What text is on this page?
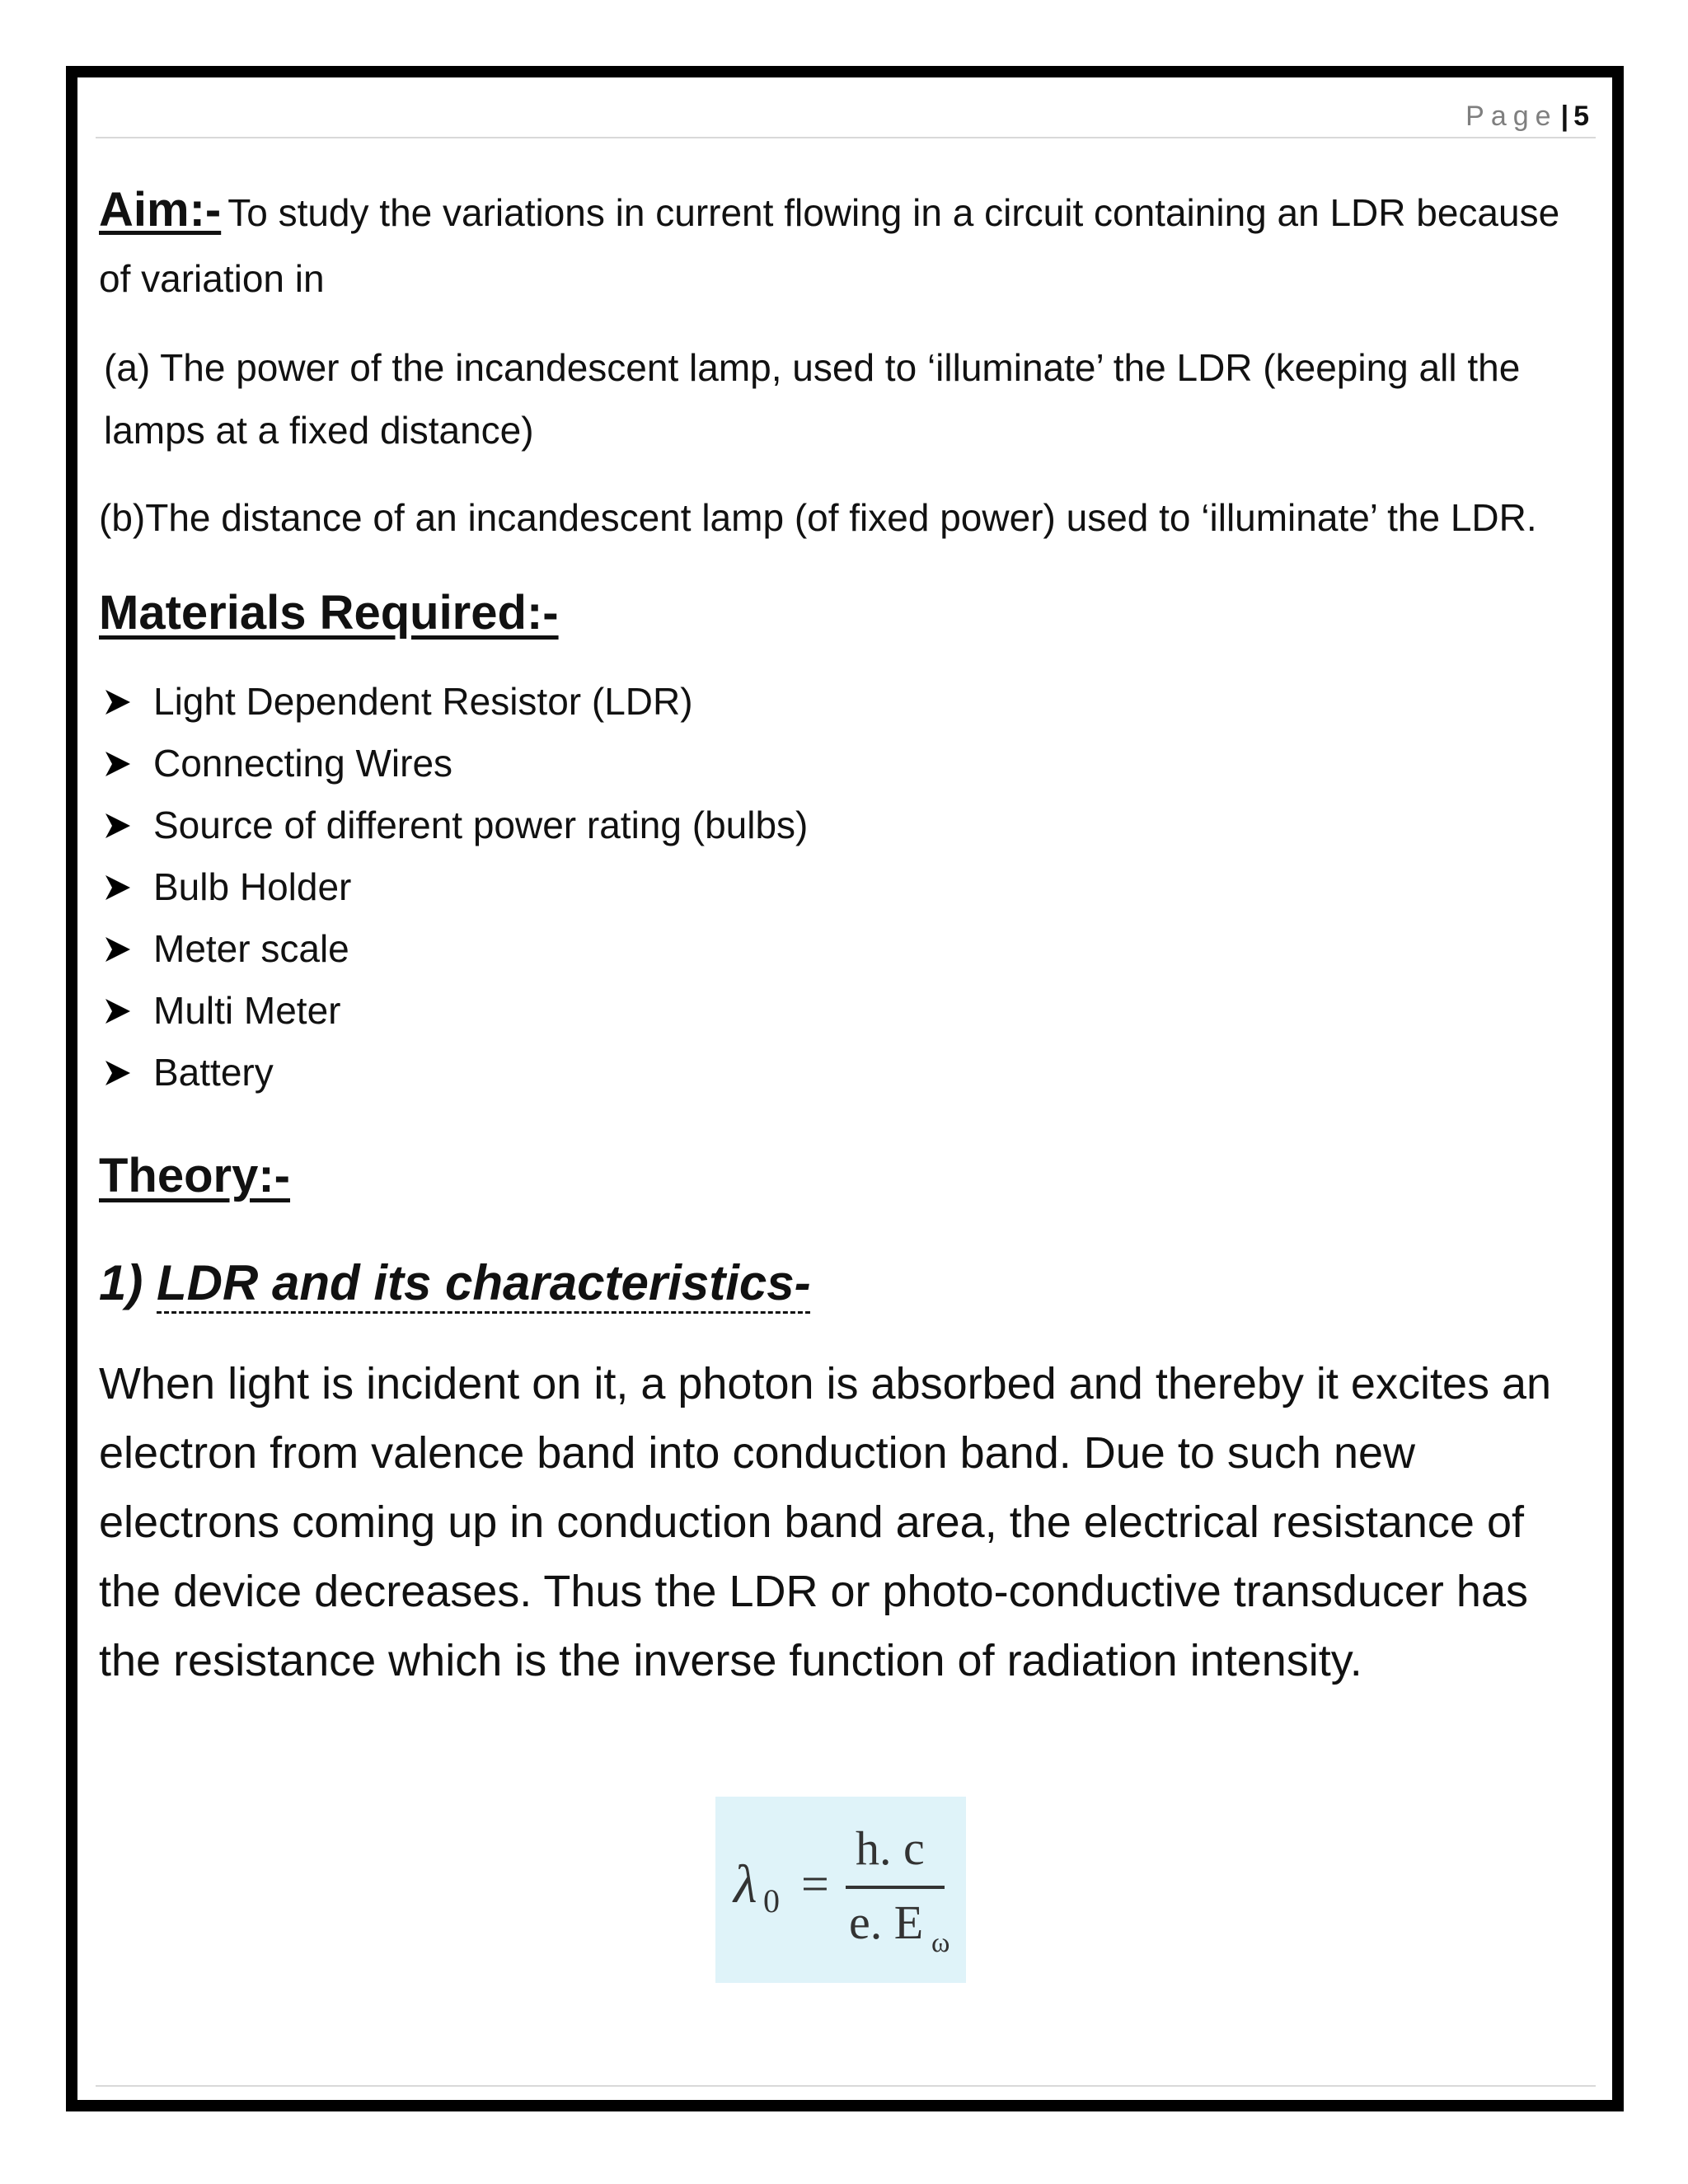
Page | 5

Aim:- To study the variations in current flowing in a circuit containing an LDR because of variation in

(a) The power of the incandescent lamp, used to ‘illuminate’ the LDR (keeping all the lamps at a fixed distance)

(b)The distance of an incandescent lamp (of fixed power) used to ‘illuminate’ the LDR.

Materials Required:-
Light Dependent Resistor (LDR)
Connecting Wires
Source of different power rating (bulbs)
Bulb Holder
Meter scale
Multi Meter
Battery
Theory:-
1) LDR and its characteristics-

When light is incident on it, a photon is absorbed and thereby it excites an electron from valence band into conduction band. Due to such new electrons coming up in conduction band area, the electrical resistance of the device decreases. Thus the LDR or photo-conductive transducer has the resistance which is the inverse function of radiation intensity.

λ 0 =
h. c
e. E ω
